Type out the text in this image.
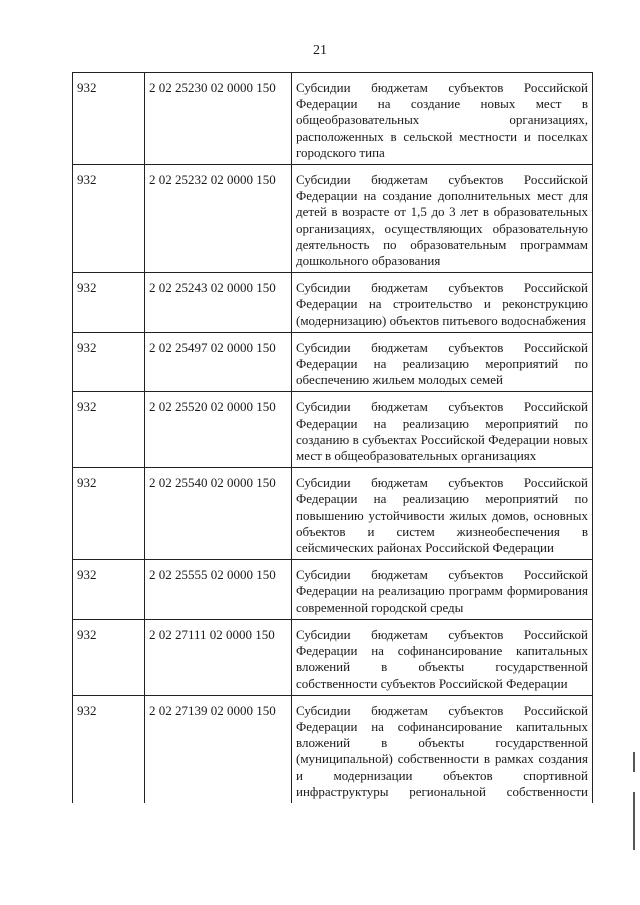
21
932	2 02 25230 02 0000 150	Субсидии бюджетам субъектов Российской Федерации на создание новых мест в общеобразовательных организациях, расположенных в сельской местности и поселках городского типа
932	2 02 25232 02 0000 150	Субсидии бюджетам субъектов Российской Федерации на создание дополнительных мест для детей в возрасте от 1,5 до 3 лет в образовательных организациях, осуществляющих образовательную деятельность по образовательным программам дошкольного образования
932	2 02 25243 02 0000 150	Субсидии бюджетам субъектов Российской Федерации на строительство и реконструкцию (модернизацию) объектов питьевого водоснабжения
932	2 02 25497 02 0000 150	Субсидии бюджетам субъектов Российской Федерации на реализацию мероприятий по обеспечению жильем молодых семей
932	2 02 25520 02 0000 150	Субсидии бюджетам субъектов Российской Федерации на реализацию мероприятий по созданию в субъектах Российской Федерации новых мест в общеобразовательных организациях
932	2 02 25540 02 0000 150	Субсидии бюджетам субъектов Российской Федерации на реализацию мероприятий по повышению устойчивости жилых домов, основных объектов и систем жизнеобеспечения в сейсмических районах Российской Федерации
932	2 02 25555 02 0000 150	Субсидии бюджетам субъектов Российской Федерации на реализацию программ формирования современной городской среды
932	2 02 27111 02 0000 150	Субсидии бюджетам субъектов Российской Федерации на софинансирование капитальных вложений в объекты государственной собственности субъектов Российской Федерации
932	2 02 27139 02 0000 150	Субсидии бюджетам субъектов Российской Федерации на софинансирование капитальных вложений в объекты государственной (муниципальной) собственности в рамках создания и модернизации объектов спортивной инфраструктуры региональной собственности
